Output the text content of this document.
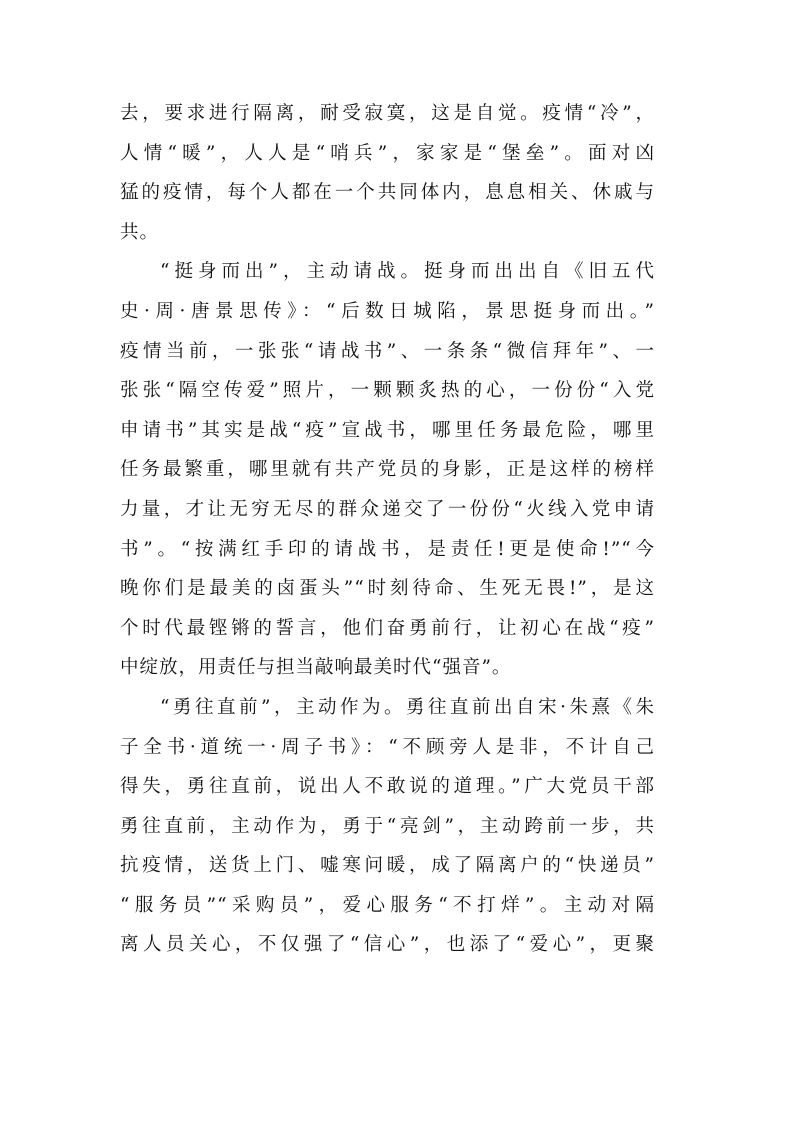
去，要求进行隔离，耐受寂寞，这是自觉。疫情“冷”，
人情“暖”，人人是“哨兵”，家家是“堡垒”。面对凶
猛的疫情，每个人都在一个共同体内，息息相关、休戚与
共。
“挺身而出”，主动请战。挺身而出出自《旧五代
史·周·唐景思传》：“后数日城陷，景思挺身而出。”
疫情当前，一张张“请战书”、一条条“微信拜年”、一
张张“隔空传爱”照片，一颗颗炙热的心，一份份“入党
申请书”其实是战“疫”宣战书，哪里任务最危险，哪里
任务最繁重，哪里就有共产党员的身影，正是这样的榜样
力量，才让无穷无尽的群众递交了一份份“火线入党申请
书”。“按满红手印的请战书，是责任!更是使命!”“今
晚你们是最美的卤蛋头”“时刻待命、生死无畏!”，是这
个时代最铿锵的誓言，他们奋勇前行，让初心在战“疫”
中绽放，用责任与担当敲响最美时代“强音”。
“勇往直前”，主动作为。勇往直前出自宋·朱熹《朱
子全书·道统一·周子书》：“不顾旁人是非，不计自己
得失，勇往直前，说出人不敢说的道理。”广大党员干部
勇往直前，主动作为，勇于“亮剑”，主动跨前一步，共
抗疫情，送货上门、嘘寒问暖，成了隔离户的“快递员”
“服务员”“采购员”，爱心服务“不打烊”。主动对隔
离人员关心，不仅强了“信心”，也添了“爱心”，更聚
